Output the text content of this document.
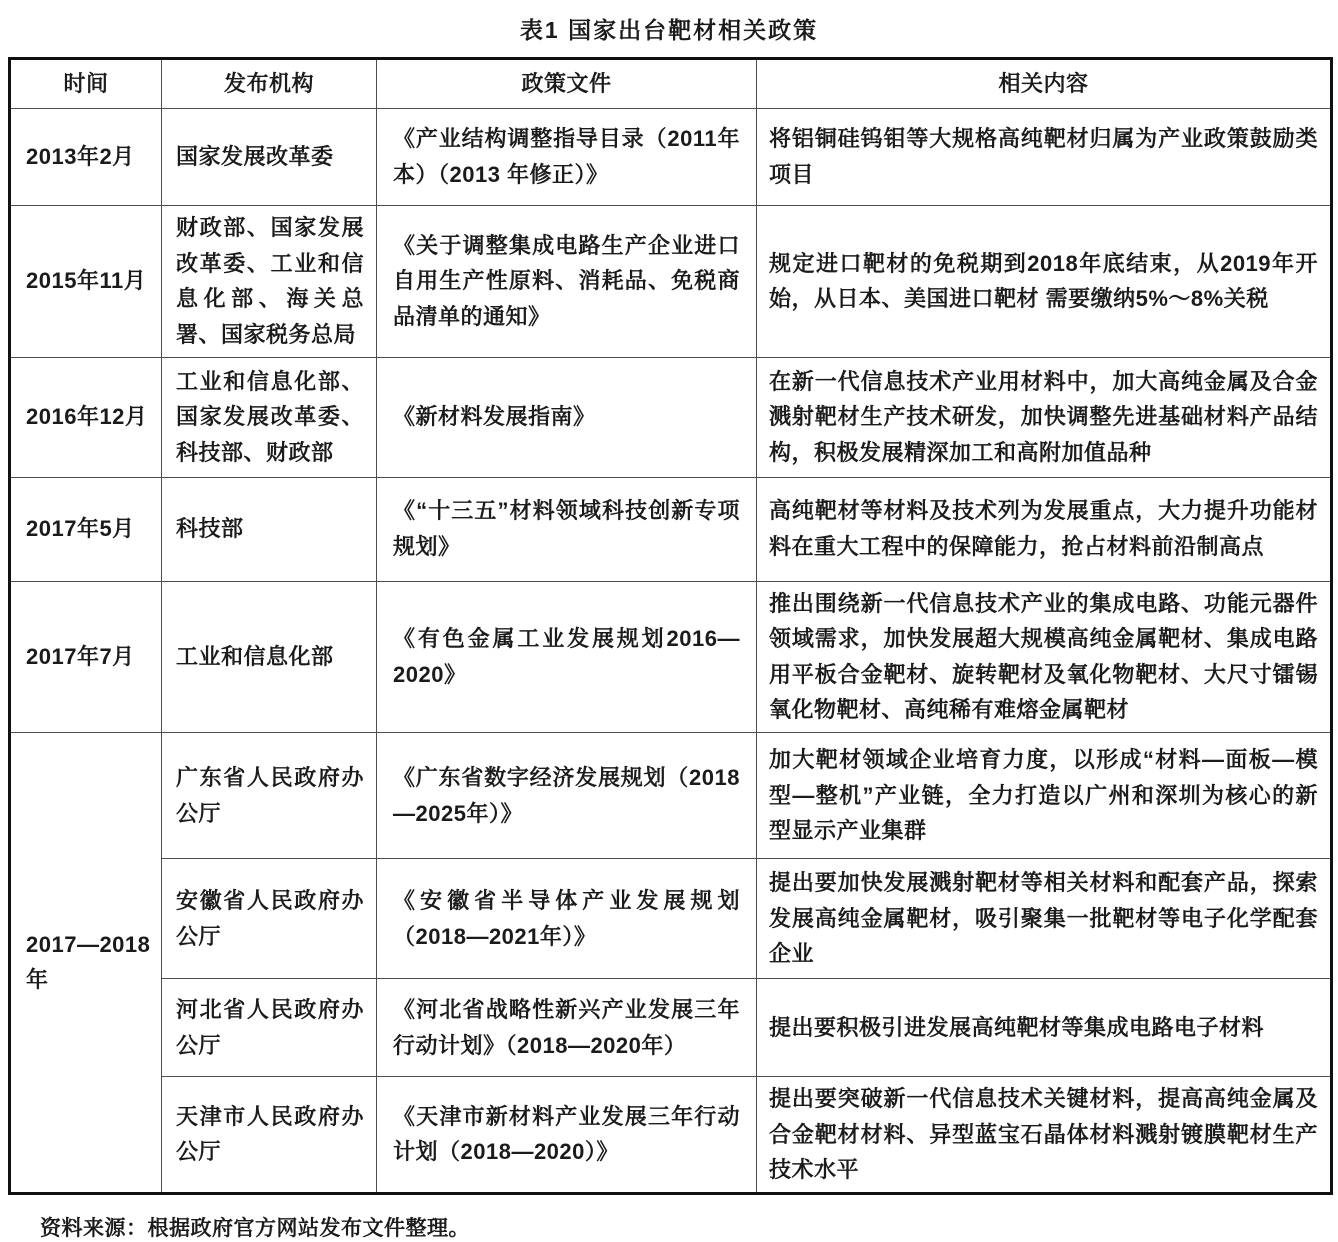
表1 国家出台靶材相关政策
时间	发布机构	政策文件	相关内容
2013年2月	国家发展改革委	《产业结构调整指导目录（2011年本）（2013 年修正）》	将铝铜硅钨钼等大规格高纯靶材归属为产业政策鼓励类项目
2015年11月	财政部、国家发展改革委、工业和信息化部、海关总署、国家税务总局	《关于调整集成电路生产企业进口自用生产性原料、消耗品、免税商品清单的通知》	规定进口靶材的免税期到2018年底结束，从2019年开始，从日本、美国进口靶材 需要缴纳5%～8%关税
2016年12月	工业和信息化部、国家发展改革委、科技部、财政部	《新材料发展指南》	在新一代信息技术产业用材料中，加大高纯金属及合金溅射靶材生产技术研发，加快调整先进基础材料产品结构，积极发展精深加工和高附加值品种
2017年5月	科技部	《“十三五”材料领域科技创新专项规划》	高纯靶材等材料及技术列为发展重点，大力提升功能材料在重大工程中的保障能力，抢占材料前沿制高点
2017年7月	工业和信息化部	《有色金属工业发展规划2016—2020》	推出围绕新一代信息技术产业的集成电路、功能元器件领域需求，加快发展超大规模高纯金属靶材、集成电路用平板合金靶材、旋转靶材及氧化物靶材、大尺寸镭锡氧化物靶材、高纯稀有难熔金属靶材
2017—2018年	广东省人民政府办公厅	《广东省数字经济发展规划（2018—2025年）》	加大靶材领域企业培育力度，以形成“材料—面板—模型—整机”产业链，全力打造以广州和深圳为核心的新型显示产业集群
	安徽省人民政府办公厅	《安徽省半导体产业发展规划（2018—2021年）》	提出要加快发展溅射靶材等相关材料和配套产品，探索发展高纯金属靶材，吸引聚集一批靶材等电子化学配套企业
	河北省人民政府办公厅	《河北省战略性新兴产业发展三年行动计划》（2018—2020年）	提出要积极引进发展高纯靶材等集成电路电子材料
	天津市人民政府办公厅	《天津市新材料产业发展三年行动计划（2018—2020）》	提出要突破新一代信息技术关键材料，提高高纯金属及合金靶材材料、异型蓝宝石晶体材料溅射镀膜靶材生产技术水平
资料来源：根据政府官方网站发布文件整理。
